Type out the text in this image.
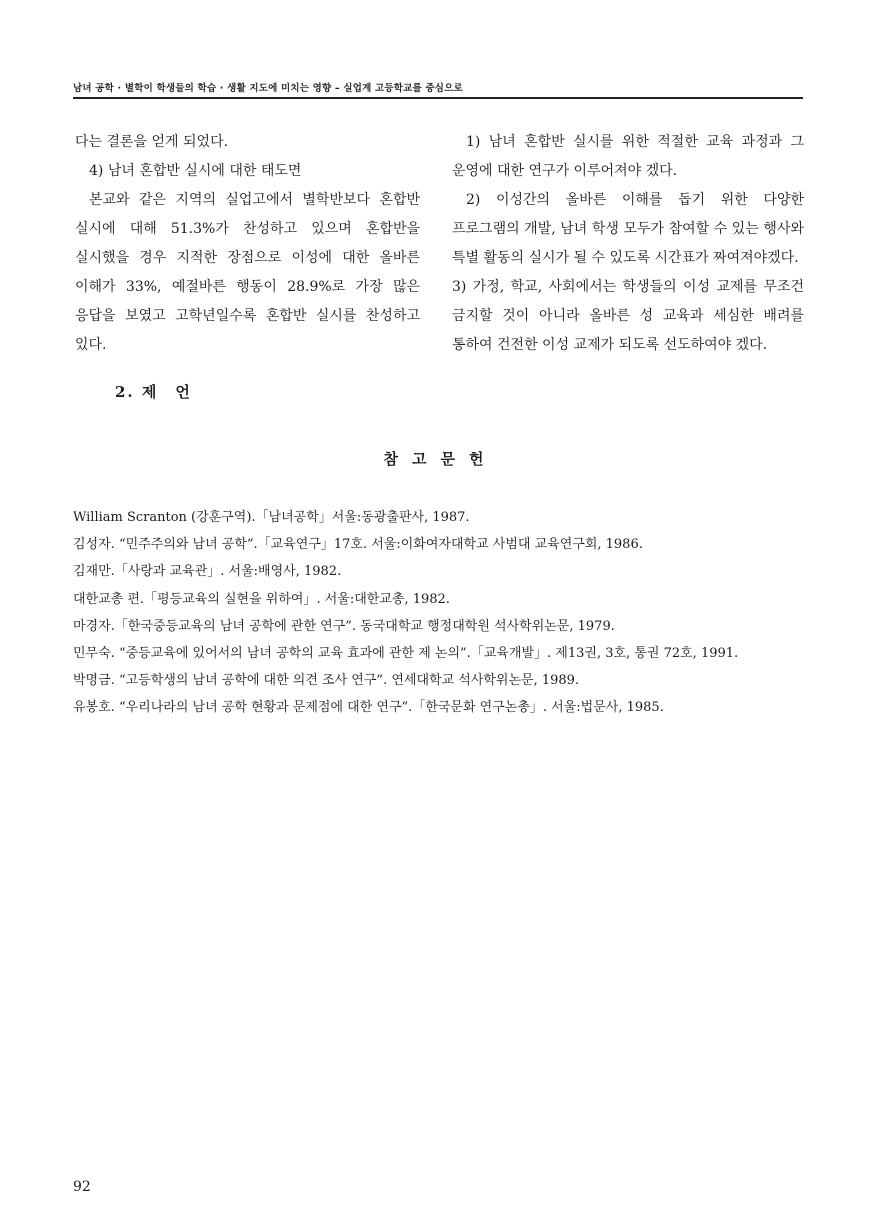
남녀 공학 · 별학이 학생들의 학습 · 생활 지도에 미치는 영향 – 실업계 고등학교를 중심으로

다는 결론을 얻게 되었다.

4) 남녀 혼합반 실시에 대한 태도면

본교와 같은 지역의 실업고에서 별학반보다 혼합반 실시에 대해 51.3%가 찬성하고 있으며 혼합반을 실시했을 경우 지적한 장점으로 이성에 대한 올바른 이해가 33%, 예절바른 행동이 28.9%로 가장 많은 응답을 보였고 고학년일수록 혼합반 실시를 찬성하고 있다.

2. 제　언

1) 남녀 혼합반 실시를 위한 적절한 교육 과정과 그 운영에 대한 연구가 이루어져야 겠다.

2) 이성간의 올바른 이해를 돕기 위한 다양한 프로그램의 개발, 남녀 학생 모두가 참여할 수 있는 행사와 특별 활동의 실시가 될 수 있도록 시간표가 짜여져야겠다.

3) 가정, 학교, 사회에서는 학생들의 이성 교제를 무조건 금지할 것이 아니라 올바른 성 교육과 세심한 배려를 통하여 건전한 이성 교제가 되도록 선도하여야 겠다.

참고문헌

William Scranton (강훈구역).「남녀공학」서울:동광출판사, 1987.

김성자. “민주주의와 남녀 공학”.「교육연구」17호. 서울:이화여자대학교 사범대 교육연구회, 1986.

김재만.「사랑과 교육관」. 서울:배영사, 1982.

대한교총 편.「평등교육의 실현을 위하여」. 서울:대한교총, 1982.

마경자.「한국중등교육의 남녀 공학에 관한 연구”. 동국대학교 행정대학원 석사학위논문, 1979.

민무숙. “중등교육에 있어서의 남녀 공학의 교육 효과에 관한 제 논의”.「교육개발」. 제13권, 3호, 통권 72호, 1991.

박명금. “고등학생의 남녀 공학에 대한 의견 조사 연구”. 연세대학교 석사학위논문, 1989.

유봉호. “우리나라의 남녀 공학 현황과 문제점에 대한 연구”.「한국문화 연구논총」. 서울:법문사, 1985.

92
